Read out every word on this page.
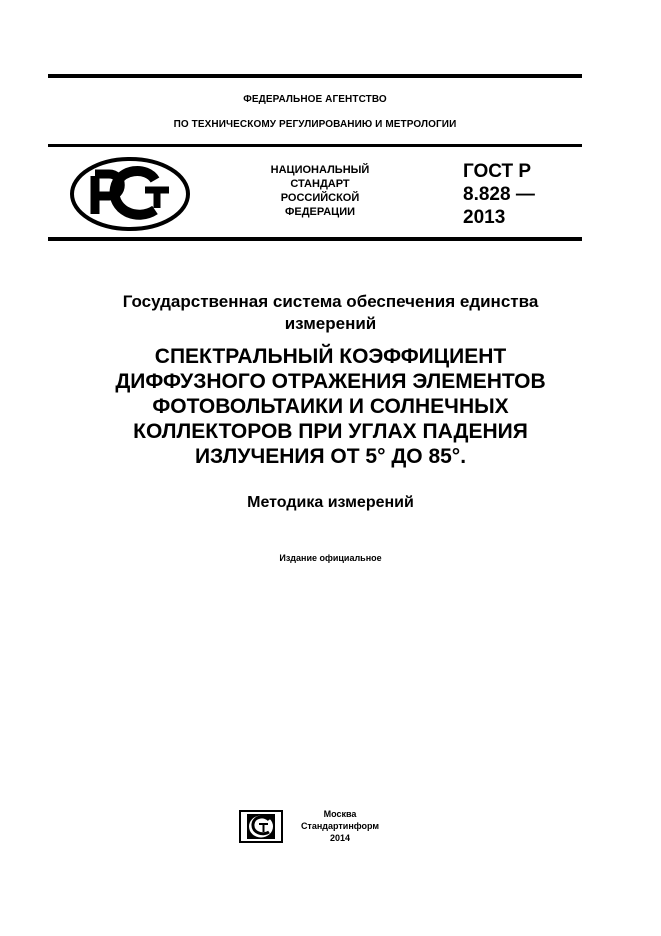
ФЕДЕРАЛЬНОЕ АГЕНТСТВО
ПО ТЕХНИЧЕСКОМУ РЕГУЛИРОВАНИЮ И МЕТРОЛОГИИ
НАЦИОНАЛЬНЫЙ
СТАНДАРТ
РОССИЙСКОЙ
ФЕДЕРАЦИИ
ГОСТ Р
8.828 —
2013
Государственная система обеспечения единства
измерений
СПЕКТРАЛЬНЫЙ КОЭФФИЦИЕНТ
ДИФФУЗНОГО ОТРАЖЕНИЯ ЭЛЕМЕНТОВ
ФОТОВОЛЬТАИКИ И СОЛНЕЧНЫХ
КОЛЛЕКТОРОВ ПРИ УГЛАХ ПАДЕНИЯ
ИЗЛУЧЕНИЯ ОТ 5° ДО 85°.
Методика измерений
Издание официальное
Москва
Стандартинформ
2014
